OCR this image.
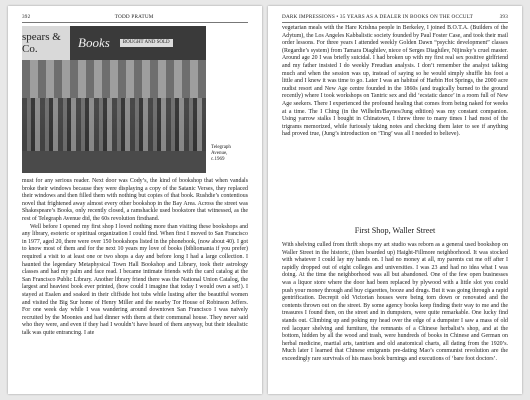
392	TODD PRATUM
spears & Co.	Books	BOUGHT AND SOLD
Telegraph
Avenue,
c.1969

must for any serious reader. Next door was Cody’s, the kind of bookshop that when vandals broke their windows because they were displaying a copy of the Satanic Verses, they replaced their windows and then filled them with nothing but copies of that book. Rushdie’s contentious novel that frightened away almost every other bookshop in the Bay Area. Across the street was Shakespeare’s Books, only recently closed, a ramshackle used bookstore that witnessed, as the rest of Telegraph Avenue did, the 60s revolution firsthand.

Well before I opened my first shop I loved nothing more than visiting these bookshops and any library, esoteric or spiritual organization I could find. When first I moved to San Francisco in 1977, aged 20, there were over 150 bookshops listed in the phonebook, (now about 40). I got to know most of them and for the next 10 years my love of books (bibliomania if you prefer) required a visit to at least one or two shops a day and before long I had a large collection. I haunted the legendary Metaphysical Town Hall Bookshop and Library, took their astrology classes and had my palm and face read. I became intimate friends with the card catalog at the San Francisco Public Library. Another library friend there was the National Union Catalog, the largest and heaviest book ever printed, (how could I imagine that today I would own a set!). I stayed at Esalen and soaked in their cliffside hot tubs while lusting after the beautiful women and visited the Big Sur home of Henry Miller and the nearby Tor House of Robinson Jeffers. For one week day while I was wandering around downtown San Francisco I was naively recruited by the Moonies and had dinner with them at their communal house. They never said who they were, and even if they had I wouldn’t have heard of them anyway, but their idealistic talk was quite entrancing. I ate

DARK IMPRESSIONS • 35 YEARS AS A DEALER IN BOOKS ON THE OCCULT	393

vegetarian meals with the Hare Krishna people in Berkeley, I joined B.O.T.A. (Builders of the Adytum), the Los Angeles Kabbalistic society founded by Paul Foster Case, and took their mail order lessons. For three years I attended weekly Golden Dawn “psychic development” classes (Regardie’s system) from Tamara Diaghilev, niece of Serges Diaghilev, Nijinsky’s cruel master. Around age 20 I was briefly suicidal. I had broken up with my first real sex positive girlfriend and my father insisted I do weekly Freudian analysis. I don’t remember the analyst talking much and when the session was up, instead of saying so he would simply shuffle his foot a little and I knew it was time to go. Later I was an habitué of Harbin Hot Springs, the 2000 acre nudist resort and New Age centre founded in the 1860s (and tragically burned to the ground recently) where I took workshops on Tantric sex and did ‘ecstatic dance’ in a room full of New Age seekers. There I experienced the profound healing that comes from being naked for weeks at a time. The I Ching (in the Wilhelm/Baynes/Jung edition) was my constant companion. Using yarrow stalks I bought in Chinatown, I threw three to many times I had most of the trigrams memorized, while furiously taking notes and checking them later to see if anything had proved true, (Jung’s introduction on ‘Ting’ was all I needed to believe).

First Shop, Waller Street

With shelving culled from thrift shops my art studio was reborn as a general used bookshop on Waller Street in the historic, (then boarded up) Haight-Fillmore neighborhood. It was stocked with whatever I could lay my hands on. I had no money at all, my parents cut me off after I rapidly dropped out of eight colleges and universities. I was 23 and had no idea what I was doing. At the time the neighborhood was all but abandoned. One of the few open businesses was a liquor store where the door had been replaced by plywood with a little slot you could push your money through and buy cigarettes, booze and drugs. But it was going through a rapid gentrification. Decrepit old Victorian houses were being torn down or renovated and the contents thrown out on the street. By some agency books keep finding their way to me and the treasures I found then, on the street and in dumpsters, were quite remarkable. One lucky find stands out. Climbing up and poking my head over the edge of a dumpster I saw a mass of old red lacquer shelving and furniture, the remnants of a Chinese herbalist’s shop, and at the bottom, hidden by all the wood and trash, were hundreds of books in Chinese and German on herbal medicine, martial arts, tantrism and old anatomical charts, all dating from the 1920’s. Much later I learned that Chinese emigrants pre-dating Mao’s communist revolution are the exceedingly rare survivals of his mass book burnings and executions of ‘bare foot doctors’.
